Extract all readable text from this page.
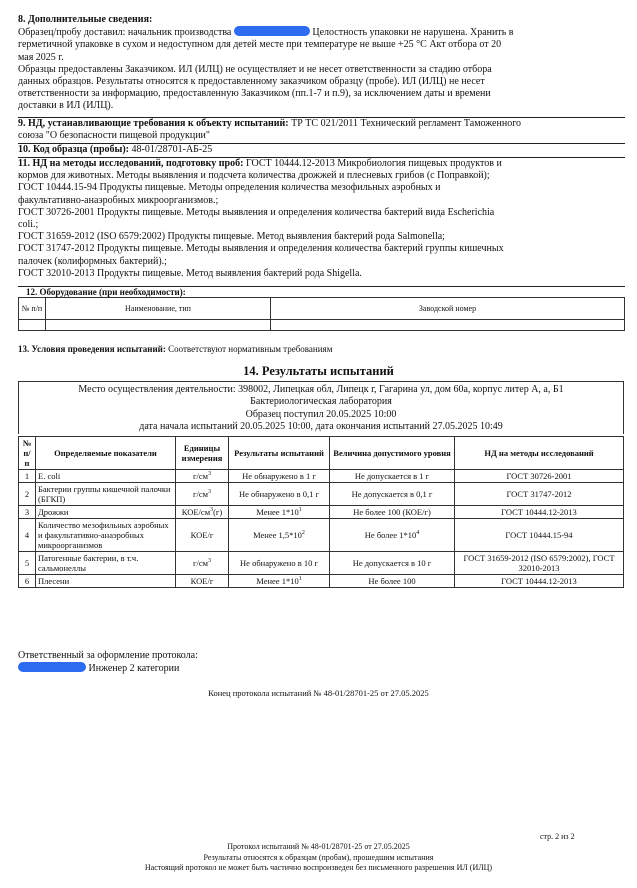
8. Дополнительные сведения:
Образец/пробу доставил: начальник производства	Целостность упаковки не нарушена. Хранить в
герметичной упаковке в сухом и недоступном для детей месте при температуре не выше +25 °С Акт отбора от 20
мая 2025 г.
Образцы предоставлены Заказчиком. ИЛ (ИЛЦ) не осуществляет и не несет ответственности за стадию отбора
данных образцов. Результаты относятся к предоставленному заказчиком образцу (пробе). ИЛ (ИЛЦ) не несет
ответственности за информацию, предоставленную Заказчиком (пп.1-7 и п.9), за исключением даты и времени
доставки в ИЛ (ИЛЦ).
9. НД, устанавливающие требования к объекту испытаний: ТР ТС 021/2011 Технический регламент Таможенного
союза "О безопасности пищевой продукции"
10. Код образца (пробы): 48-01/28701-АБ-25
11. НД на методы исследований, подготовку проб: ГОСТ 10444.12-2013 Микробиология пищевых продуктов и
кормов для животных. Методы выявления и подсчета количества дрожжей и плесневых грибов (с Поправкой);
ГОСТ 10444.15-94 Продукты пищевые. Методы определения количества мезофильных аэробных и
факультативно-анаэробных микроорганизмов.;
ГОСТ 30726-2001 Продукты пищевые. Методы выявления и определения количества бактерий вида Escherichia
coli.;
ГОСТ 31659-2012 (ISO 6579:2002) Продукты пищевые. Метод выявления бактерий рода Salmonella;
ГОСТ 31747-2012 Продукты пищевые. Методы выявления и определения количества бактерий группы кишечных
палочек (колиформных бактерий).;
ГОСТ 32010-2013 Продукты пищевые. Метод выявления бактерий рода Shigella.
12. Оборудование (при необходимости):
№ п/п	Наименование, тип	Заводской номер

13. Условия проведения испытаний: Соответствуют нормативным требованиям
14. Результаты испытаний
Место осуществления деятельности: 398002, Липецкая обл, Липецк г, Гагарина ул, дом 60а, корпус литер А, а, Б1
Бактериологическая лаборатория
Образец поступил 20.05.2025 10:00
дата начала испытаний 20.05.2025 10:00, дата окончания испытаний 27.05.2025 10:49
№ п/п	Определяемые показатели	Единицы измерения	Результаты испытаний	Величина допустимого уровня	НД на методы исследований
1	E. coli	$г/см^3$	Не обнаружено в 1 г	Не допускается в 1 г	ГОСТ 30726-2001
2	Бактерии группы кишечной палочки (БГКП)	$г/см^3$	Не обнаружено в 0,1 г	Не допускается в 0,1 г	ГОСТ 31747-2012
3	Дрожжи	КОЕ/$см^3(г)$	Менее $1*10^1$	Не более 100 (КОЕ/г)	ГОСТ 10444.12-2013
4	Количество мезофильных аэробных и факультативно-анаэробных микроорганизмов	КОЕ/г	Менее $1,5*10^2$	Не более $1*10^4$	ГОСТ 10444.15-94
5	Патогенные бактерии, в т.ч. сальмонеллы	$г/см^3$	Не обнаружено в 10 г	Не допускается в 10 г	ГОСТ 31659-2012 (ISO 6579:2002), ГОСТ 32010-2013
6	Плесени	КОЕ/г	Менее $1*10^1$	Не более 100	ГОСТ 10444.12-2013
Ответственный за оформление протокола:
Инженер 2 категории
Конец протокола испытаний № 48-01/28701-25 от 27.05.2025
стр. 2 из 2
Протокол испытаний № 48-01/28701-25 от 27.05.2025
Результаты относятся к образцам (пробам), прошедшим испытания
Настоящий протокол не может быть частично воспроизведен без письменного разрешения ИЛ (ИЛЦ)
